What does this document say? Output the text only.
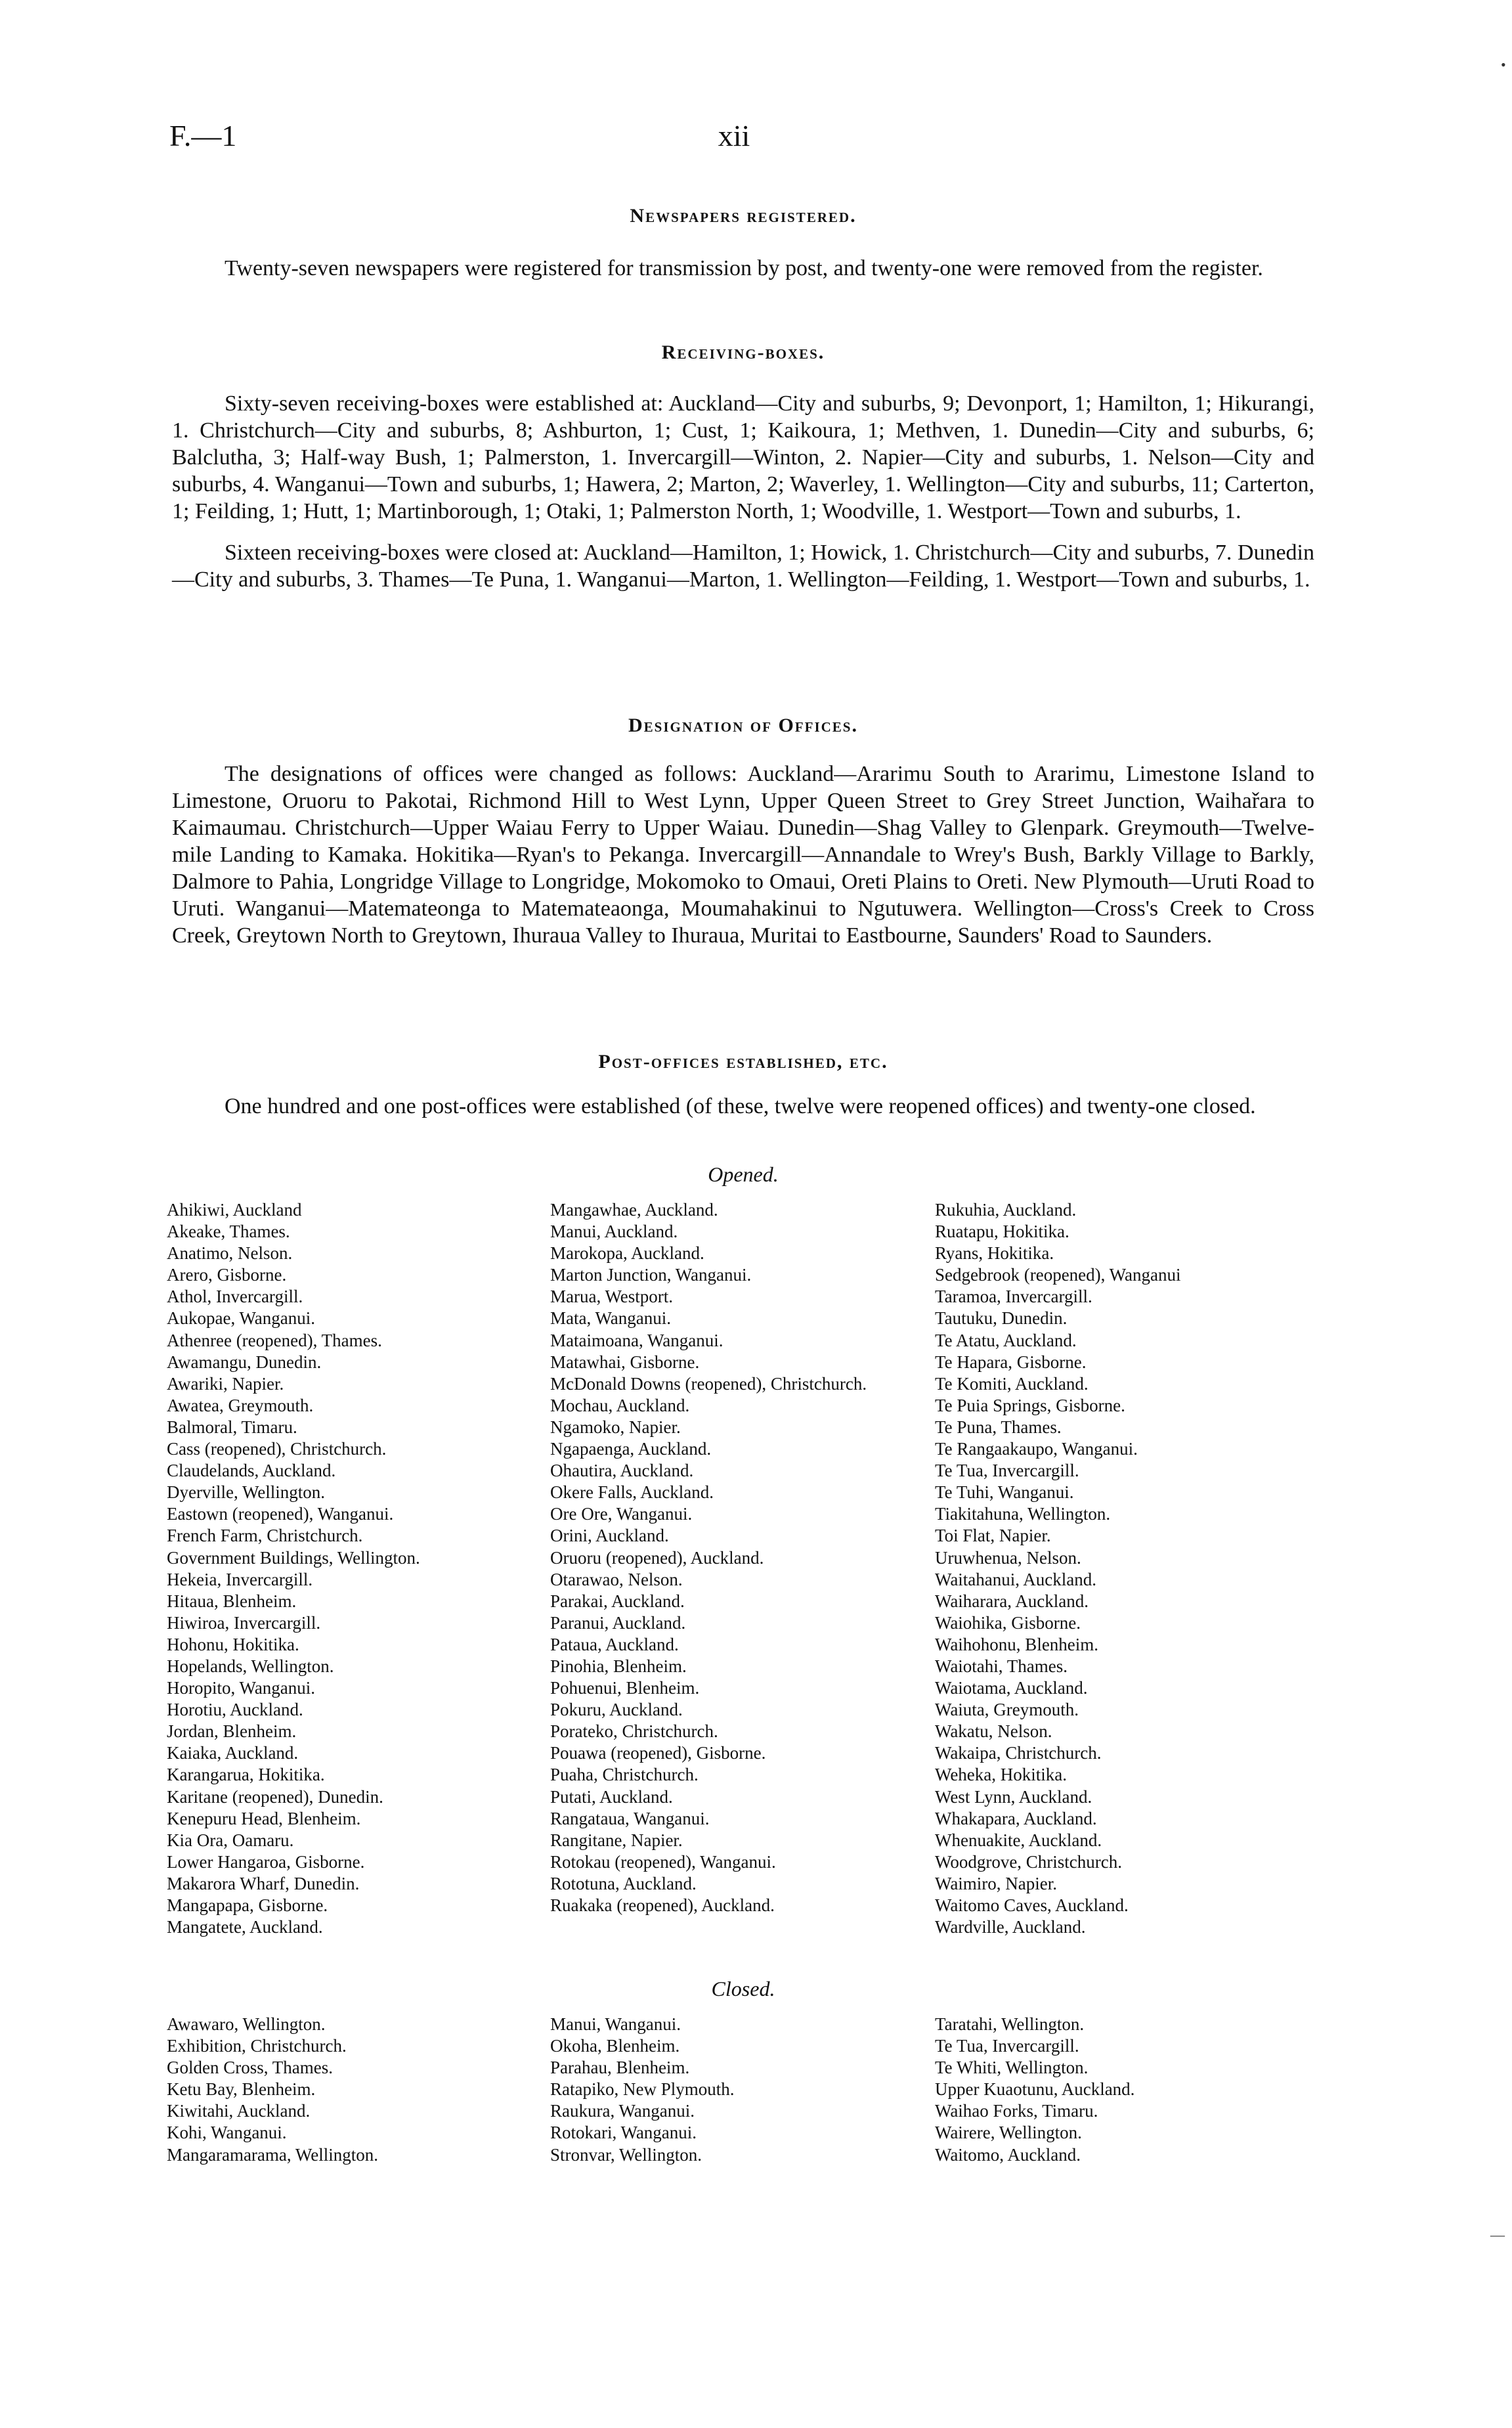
F.—1	xii
Newspapers registered.

Twenty-seven newspapers were registered for transmission by post, and twenty-one were removed from the register.

Receiving-boxes.

Sixty-seven receiving-boxes were established at: Auckland—City and suburbs, 9; Devonport, 1; Hamilton, 1; Hikurangi, 1. Christchurch—City and suburbs, 8; Ashburton, 1; Cust, 1; Kaikoura, 1; Methven, 1. Dunedin—City and suburbs, 6; Balclutha, 3; Half-way Bush, 1; Palmerston, 1. Invercargill—Winton, 2. Napier—City and suburbs, 1. Nelson—City and suburbs, 4. Wanganui—Town and suburbs, 1; Hawera, 2; Marton, 2; Waverley, 1. Wellington—City and suburbs, 11; Carterton, 1; Feilding, 1; Hutt, 1; Martinborough, 1; Otaki, 1; Palmerston North, 1; Woodville, 1. Westport—Town and suburbs, 1.

Sixteen receiving-boxes were closed at: Auckland—Hamilton, 1; Howick, 1. Christchurch—City and suburbs, 7. Dunedin—City and suburbs, 3. Thames—Te Puna, 1. Wanganui—Marton, 1. Wellington—Feilding, 1. Westport—Town and suburbs, 1.

Designation of Offices.

The designations of offices were changed as follows: Auckland—Ararimu South to Ararimu, Limestone Island to Limestone, Oruoru to Pakotai, Richmond Hill to West Lynn, Upper Queen Street to Grey Street Junction, Waihařara to Kaimaumau. Christchurch—Upper Waiau Ferry to Upper Waiau. Dunedin—Shag Valley to Glenpark. Greymouth—Twelve-mile Landing to Kamaka. Hokitika—Ryan's to Pekanga. Invercargill—Annandale to Wrey's Bush, Barkly Village to Barkly, Dalmore to Pahia, Longridge Village to Longridge, Mokomoko to Omaui, Oreti Plains to Oreti. New Plymouth—Uruti Road to Uruti. Wanganui—Matemateonga to Matemateaonga, Moumahakinui to Ngutuwera. Wellington—Cross's Creek to Cross Creek, Greytown North to Greytown, Ihuraua Valley to Ihuraua, Muritai to Eastbourne, Saunders' Road to Saunders.

Post-offices established, etc.

One hundred and one post-offices were established (of these, twelve were reopened offices) and twenty-one closed.

Opened.
Ahikiwi, Auckland
Akeake, Thames.
Anatimo, Nelson.
Arero, Gisborne.
Athol, Invercargill.
Aukopae, Wanganui.
Athenree (reopened), Thames.
Awamangu, Dunedin.
Awariki, Napier.
Awatea, Greymouth.
Balmoral, Timaru.
Cass (reopened), Christchurch.
Claudelands, Auckland.
Dyerville, Wellington.
Eastown (reopened), Wanganui.
French Farm, Christchurch.
Government Buildings, Wellington.
Hekeia, Invercargill.
Hitaua, Blenheim.
Hiwiroa, Invercargill.
Hohonu, Hokitika.
Hopelands, Wellington.
Horopito, Wanganui.
Horotiu, Auckland.
Jordan, Blenheim.
Kaiaka, Auckland.
Karangarua, Hokitika.
Karitane (reopened), Dunedin.
Kenepuru Head, Blenheim.
Kia Ora, Oamaru.
Lower Hangaroa, Gisborne.
Makarora Wharf, Dunedin.
Mangapapa, Gisborne.
Mangatete, Auckland.
Mangawhae, Auckland.
Manui, Auckland.
Marokopa, Auckland.
Marton Junction, Wanganui.
Marua, Westport.
Mata, Wanganui.
Mataimoana, Wanganui.
Matawhai, Gisborne.
McDonald Downs (reopened), Christchurch.
Mochau, Auckland.
Ngamoko, Napier.
Ngapaenga, Auckland.
Ohautira, Auckland.
Okere Falls, Auckland.
Ore Ore, Wanganui.
Orini, Auckland.
Oruoru (reopened), Auckland.
Otarawao, Nelson.
Parakai, Auckland.
Paranui, Auckland.
Pataua, Auckland.
Pinohia, Blenheim.
Pohuenui, Blenheim.
Pokuru, Auckland.
Porateko, Christchurch.
Pouawa (reopened), Gisborne.
Puaha, Christchurch.
Putati, Auckland.
Rangataua, Wanganui.
Rangitane, Napier.
Rotokau (reopened), Wanganui.
Rototuna, Auckland.
Ruakaka (reopened), Auckland.
Rukuhia, Auckland.
Ruatapu, Hokitika.
Ryans, Hokitika.
Sedgebrook (reopened), Wanganui
Taramoa, Invercargill.
Tautuku, Dunedin.
Te Atatu, Auckland.
Te Hapara, Gisborne.
Te Komiti, Auckland.
Te Puia Springs, Gisborne.
Te Puna, Thames.
Te Rangaakaupo, Wanganui.
Te Tua, Invercargill.
Te Tuhi, Wanganui.
Tiakitahuna, Wellington.
Toi Flat, Napier.
Uruwhenua, Nelson.
Waitahanui, Auckland.
Waiharara, Auckland.
Waiohika, Gisborne.
Waihohonu, Blenheim.
Waiotahi, Thames.
Waiotama, Auckland.
Waiuta, Greymouth.
Wakatu, Nelson.
Wakaipa, Christchurch.
Weheka, Hokitika.
West Lynn, Auckland.
Whakapara, Auckland.
Whenuakite, Auckland.
Woodgrove, Christchurch.
Waimiro, Napier.
Waitomo Caves, Auckland.
Wardville, Auckland.
Closed.
Awawaro, Wellington.
Exhibition, Christchurch.
Golden Cross, Thames.
Ketu Bay, Blenheim.
Kiwitahi, Auckland.
Kohi, Wanganui.
Mangaramarama, Wellington.
Manui, Wanganui.
Okoha, Blenheim.
Parahau, Blenheim.
Ratapiko, New Plymouth.
Raukura, Wanganui.
Rotokari, Wanganui.
Stronvar, Wellington.
Taratahi, Wellington.
Te Tua, Invercargill.
Te Whiti, Wellington.
Upper Kuaotunu, Auckland.
Waihao Forks, Timaru.
Wairere, Wellington.
Waitomo, Auckland.
•
—
